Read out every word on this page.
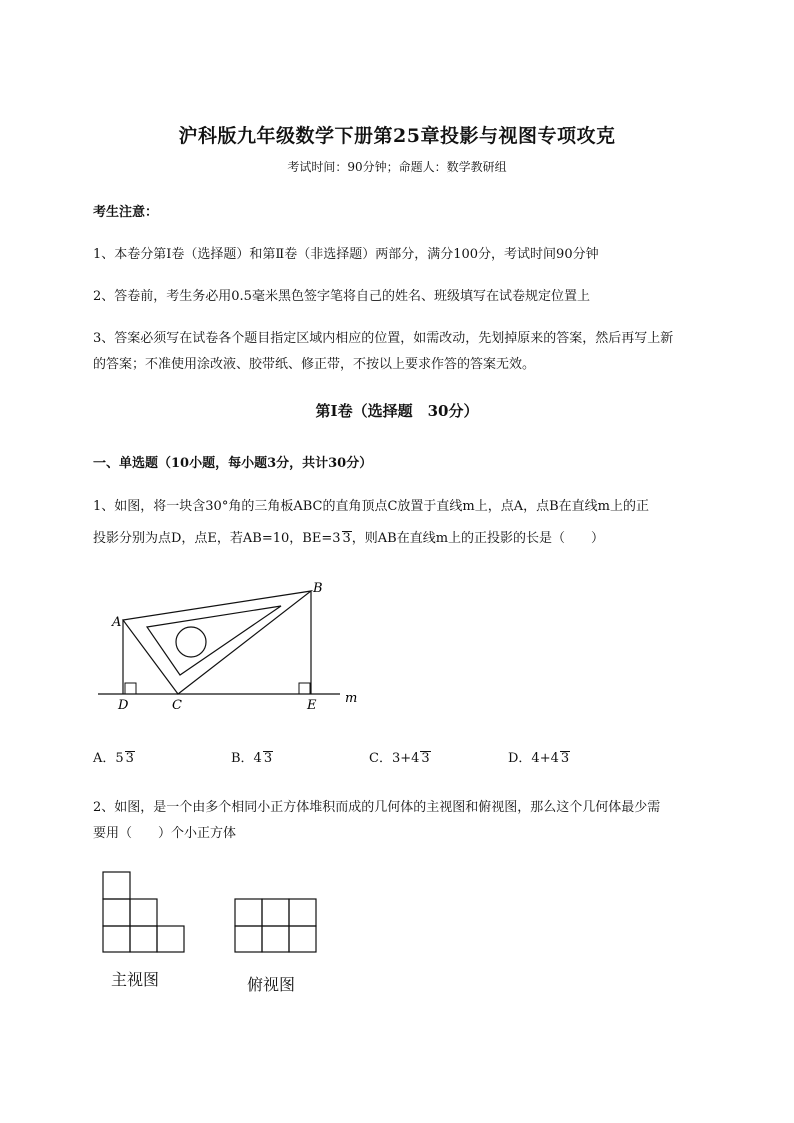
沪科版九年级数学下册第25章投影与视图专项攻克
考试时间：90分钟；命题人：数学教研组
考生注意：
1、本卷分第I卷（选择题）和第Ⅱ卷（非选择题）两部分，满分100分，考试时间90分钟
2、答卷前，考生务必用0.5毫米黑色签字笔将自己的姓名、班级填写在试卷规定位置上
3、答案必须写在试卷各个题目指定区域内相应的位置，如需改动，先划掉原来的答案，然后再写上新
的答案；不准使用涂改液、胶带纸、修正带，不按以上要求作答的答案无效。
第I卷（选择题　30分）
一、单选题（10小题，每小题3分，共计30分）
1、如图，将一块含30°角的三角板ABC的直角顶点C放置于直线m上，点A，点B在直线m上的正
投影分别为点D，点E，若AB=10，BE=3 3，则AB在直线m上的正投影的长是（　　）
A
B
C
D	E m
A．5 3	B．4 3	C．3+4 3	D．4+4 3
2、如图，是一个由多个相同小正方体堆积而成的几何体的主视图和俯视图，那么这个几何体最少需
要用（　　）个小正方体
主视图	俯视图
